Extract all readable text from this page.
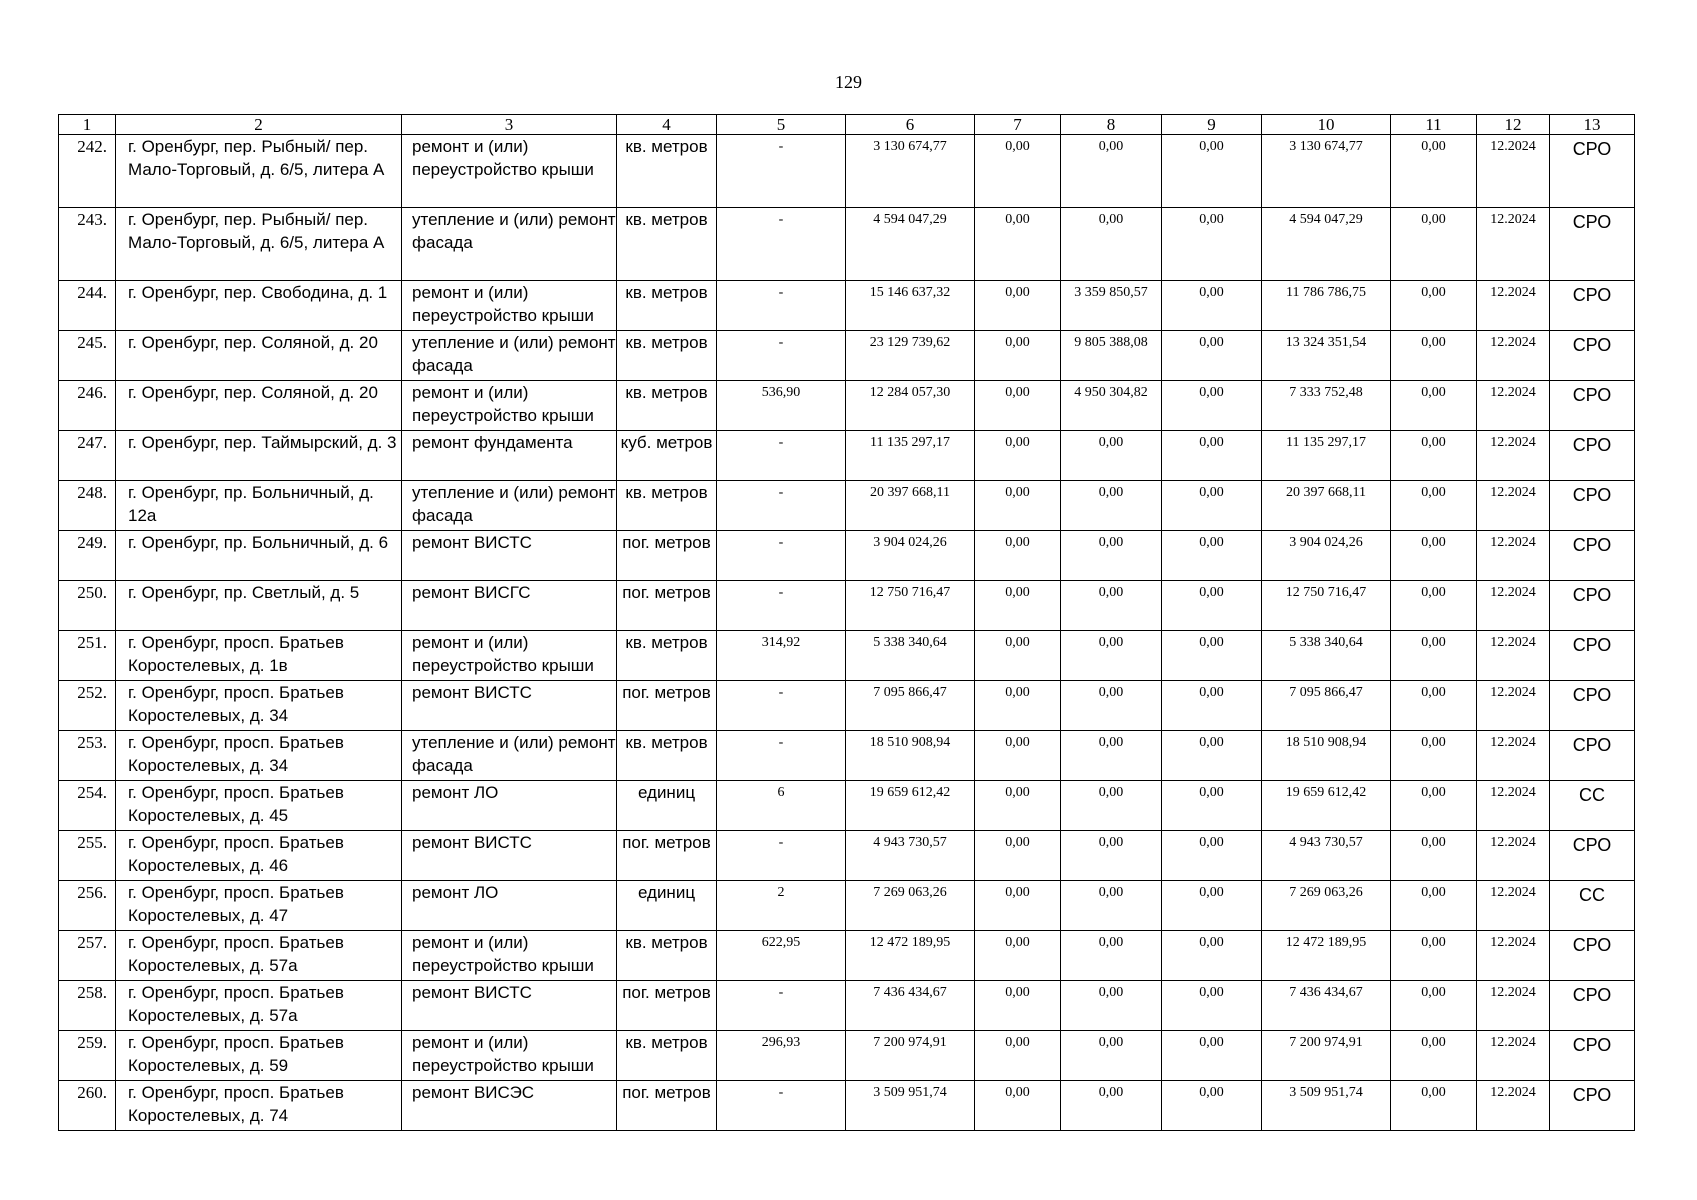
129
1	2	3	4	5	6	7	8	9	10	11	12	13
242.	г. Оренбург, пер. Рыбный/ пер. Мало-Торговый, д. 6/5, литера А	ремонт и (или) переустройство крыши	кв. метров	-	3 130 674,77	0,00	0,00	0,00	3 130 674,77	0,00	12.2024	СРО
243.	г. Оренбург, пер. Рыбный/ пер. Мало-Торговый, д. 6/5, литера А	утепление и (или) ремонт фасада	кв. метров	-	4 594 047,29	0,00	0,00	0,00	4 594 047,29	0,00	12.2024	СРО
244.	г. Оренбург, пер. Свободина, д. 1	ремонт и (или) переустройство крыши	кв. метров	-	15 146 637,32	0,00	3 359 850,57	0,00	11 786 786,75	0,00	12.2024	СРО
245.	г. Оренбург, пер. Соляной, д. 20	утепление и (или) ремонт фасада	кв. метров	-	23 129 739,62	0,00	9 805 388,08	0,00	13 324 351,54	0,00	12.2024	СРО
246.	г. Оренбург, пер. Соляной, д. 20	ремонт и (или) переустройство крыши	кв. метров	536,90	12 284 057,30	0,00	4 950 304,82	0,00	7 333 752,48	0,00	12.2024	СРО
247.	г. Оренбург, пер. Таймырский, д. 3	ремонт фундамента	куб. метров	-	11 135 297,17	0,00	0,00	0,00	11 135 297,17	0,00	12.2024	СРО
248.	г. Оренбург, пр. Больничный, д. 12а	утепление и (или) ремонт фасада	кв. метров	-	20 397 668,11	0,00	0,00	0,00	20 397 668,11	0,00	12.2024	СРО
249.	г. Оренбург, пр. Больничный, д. 6	ремонт ВИСТС	пог. метров	-	3 904 024,26	0,00	0,00	0,00	3 904 024,26	0,00	12.2024	СРО
250.	г. Оренбург, пр. Светлый, д. 5	ремонт ВИСГС	пог. метров	-	12 750 716,47	0,00	0,00	0,00	12 750 716,47	0,00	12.2024	СРО
251.	г. Оренбург, просп. Братьев Коростелевых, д. 1в	ремонт и (или) переустройство крыши	кв. метров	314,92	5 338 340,64	0,00	0,00	0,00	5 338 340,64	0,00	12.2024	СРО
252.	г. Оренбург, просп. Братьев Коростелевых, д. 34	ремонт ВИСТС	пог. метров	-	7 095 866,47	0,00	0,00	0,00	7 095 866,47	0,00	12.2024	СРО
253.	г. Оренбург, просп. Братьев Коростелевых, д. 34	утепление и (или) ремонт фасада	кв. метров	-	18 510 908,94	0,00	0,00	0,00	18 510 908,94	0,00	12.2024	СРО
254.	г. Оренбург, просп. Братьев Коростелевых, д. 45	ремонт ЛО	единиц	6	19 659 612,42	0,00	0,00	0,00	19 659 612,42	0,00	12.2024	СС
255.	г. Оренбург, просп. Братьев Коростелевых, д. 46	ремонт ВИСТС	пог. метров	-	4 943 730,57	0,00	0,00	0,00	4 943 730,57	0,00	12.2024	СРО
256.	г. Оренбург, просп. Братьев Коростелевых, д. 47	ремонт ЛО	единиц	2	7 269 063,26	0,00	0,00	0,00	7 269 063,26	0,00	12.2024	СС
257.	г. Оренбург, просп. Братьев Коростелевых, д. 57а	ремонт и (или) переустройство крыши	кв. метров	622,95	12 472 189,95	0,00	0,00	0,00	12 472 189,95	0,00	12.2024	СРО
258.	г. Оренбург, просп. Братьев Коростелевых, д. 57а	ремонт ВИСТС	пог. метров	-	7 436 434,67	0,00	0,00	0,00	7 436 434,67	0,00	12.2024	СРО
259.	г. Оренбург, просп. Братьев Коростелевых, д. 59	ремонт и (или) переустройство крыши	кв. метров	296,93	7 200 974,91	0,00	0,00	0,00	7 200 974,91	0,00	12.2024	СРО
260.	г. Оренбург, просп. Братьев Коростелевых, д. 74	ремонт ВИСЭС	пог. метров	-	3 509 951,74	0,00	0,00	0,00	3 509 951,74	0,00	12.2024	СРО
